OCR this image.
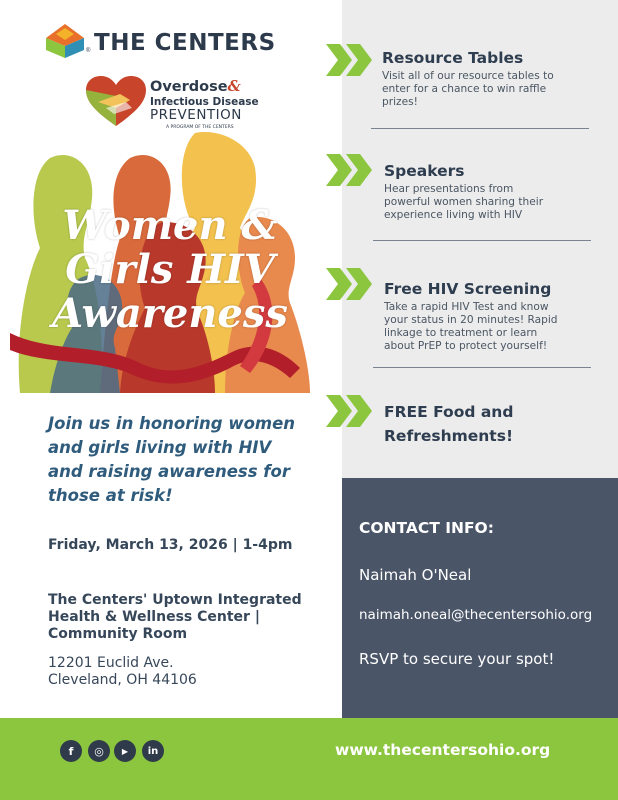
® THE CENTERS
Overdose&
Infectious Disease
PREVENTION
A PROGRAM OF THE CENTERS
Women &
Girls HIV
Awareness
Join us in honoring women
and girls living with HIV
and raising awareness for
those at risk!
Friday, March 13, 2026 | 1-4pm
The Centers' Uptown Integrated
Health & Wellness Center |
Community Room
12201 Euclid Ave.
Cleveland, OH 44106
Resource Tables
Visit all of our resource tables to
enter for a chance to win raffle
prizes!
Speakers
Hear presentations from
powerful women sharing their
experience living with HIV
Free HIV Screening
Take a rapid HIV Test and know
your status in 20 minutes! Rapid
linkage to treatment or learn
about PrEP to protect yourself!
FREE Food and
Refreshments!
CONTACT INFO:
Naimah O'Neal
naimah.oneal@thecentersohio.org
RSVP to secure your spot!
f	◎	▶	in	www.thecentersohio.org
